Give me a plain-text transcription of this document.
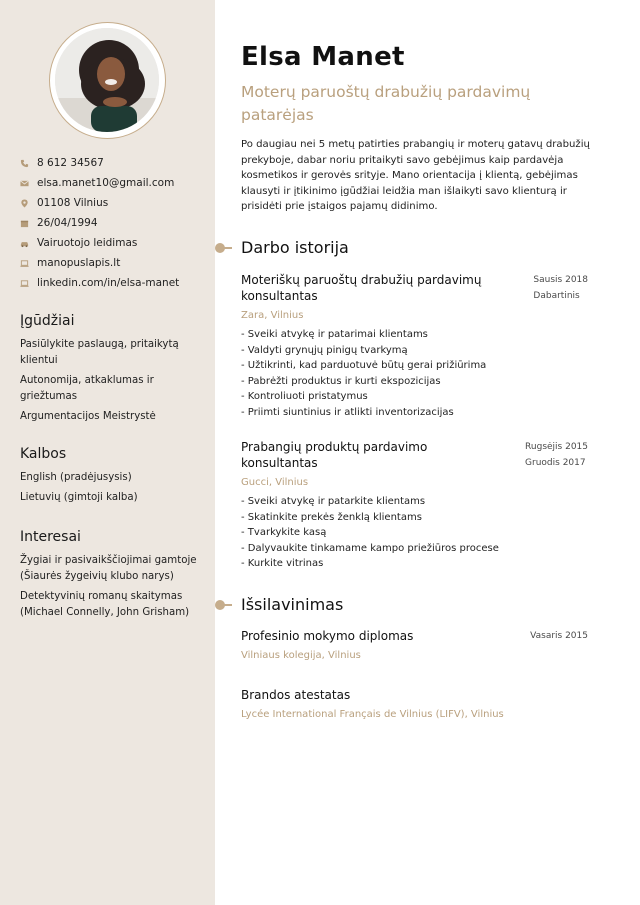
8 612 34567
elsa.manet10@gmail.com
01108 Vilnius
26/04/1994
Vairuotojo leidimas
manopuslapis.lt
linkedin.com/in/elsa-manet
Įgūdžiai
Pasiūlykite paslaugą, pritaikytą klientui
Autonomija, atkaklumas ir griežtumas
Argumentacijos Meistrystė
Kalbos
English (pradėjusysis)
Lietuvių (gimtoji kalba)
Interesai
Žygiai ir pasivaikščiojimai gamtoje (Šiaurės žygeivių klubo narys)
Detektyvinių romanų skaitymas (Michael Connelly, John Grisham)
Elsa Manet
Moterų paruoštų drabužių pardavimų patarėjas
Po daugiau nei 5 metų patirties prabangių ir moterų gatavų drabužių prekyboje, dabar noriu pritaikyti savo gebėjimus kaip pardavėja kosmetikos ir gerovės srityje. Mano orientacija į klientą, gebėjimas klausyti ir įtikinimo įgūdžiai leidžia man išlaikyti savo klienturą ir prisidėti prie įstaigos pajamų didinimo.
Darbo istorija
Moteriškų paruoštų drabužių pardavimų konsultantas
Sausis 2018
Dabartinis
Zara, Vilnius
- Sveiki atvykę ir patarimai klientams
- Valdyti grynųjų pinigų tvarkymą
- Užtikrinti, kad parduotuvė būtų gerai prižiūrima
- Pabrėžti produktus ir kurti ekspozicijas
- Kontroliuoti pristatymus
- Priimti siuntinius ir atlikti inventorizacijas
Prabangių produktų pardavimo konsultantas
Rugsėjis 2015
Gruodis 2017
Gucci, Vilnius
- Sveiki atvykę ir patarkite klientams
- Skatinkite prekės ženklą klientams
- Tvarkykite kasą
- Dalyvaukite tinkamame kampo priežiūros procese
- Kurkite vitrinas
Išsilavinimas
Profesinio mokymo diplomas	Vasaris 2015
Vilniaus kolegija, Vilnius
Brandos atestatas
Lycée International Français de Vilnius (LIFV), Vilnius
